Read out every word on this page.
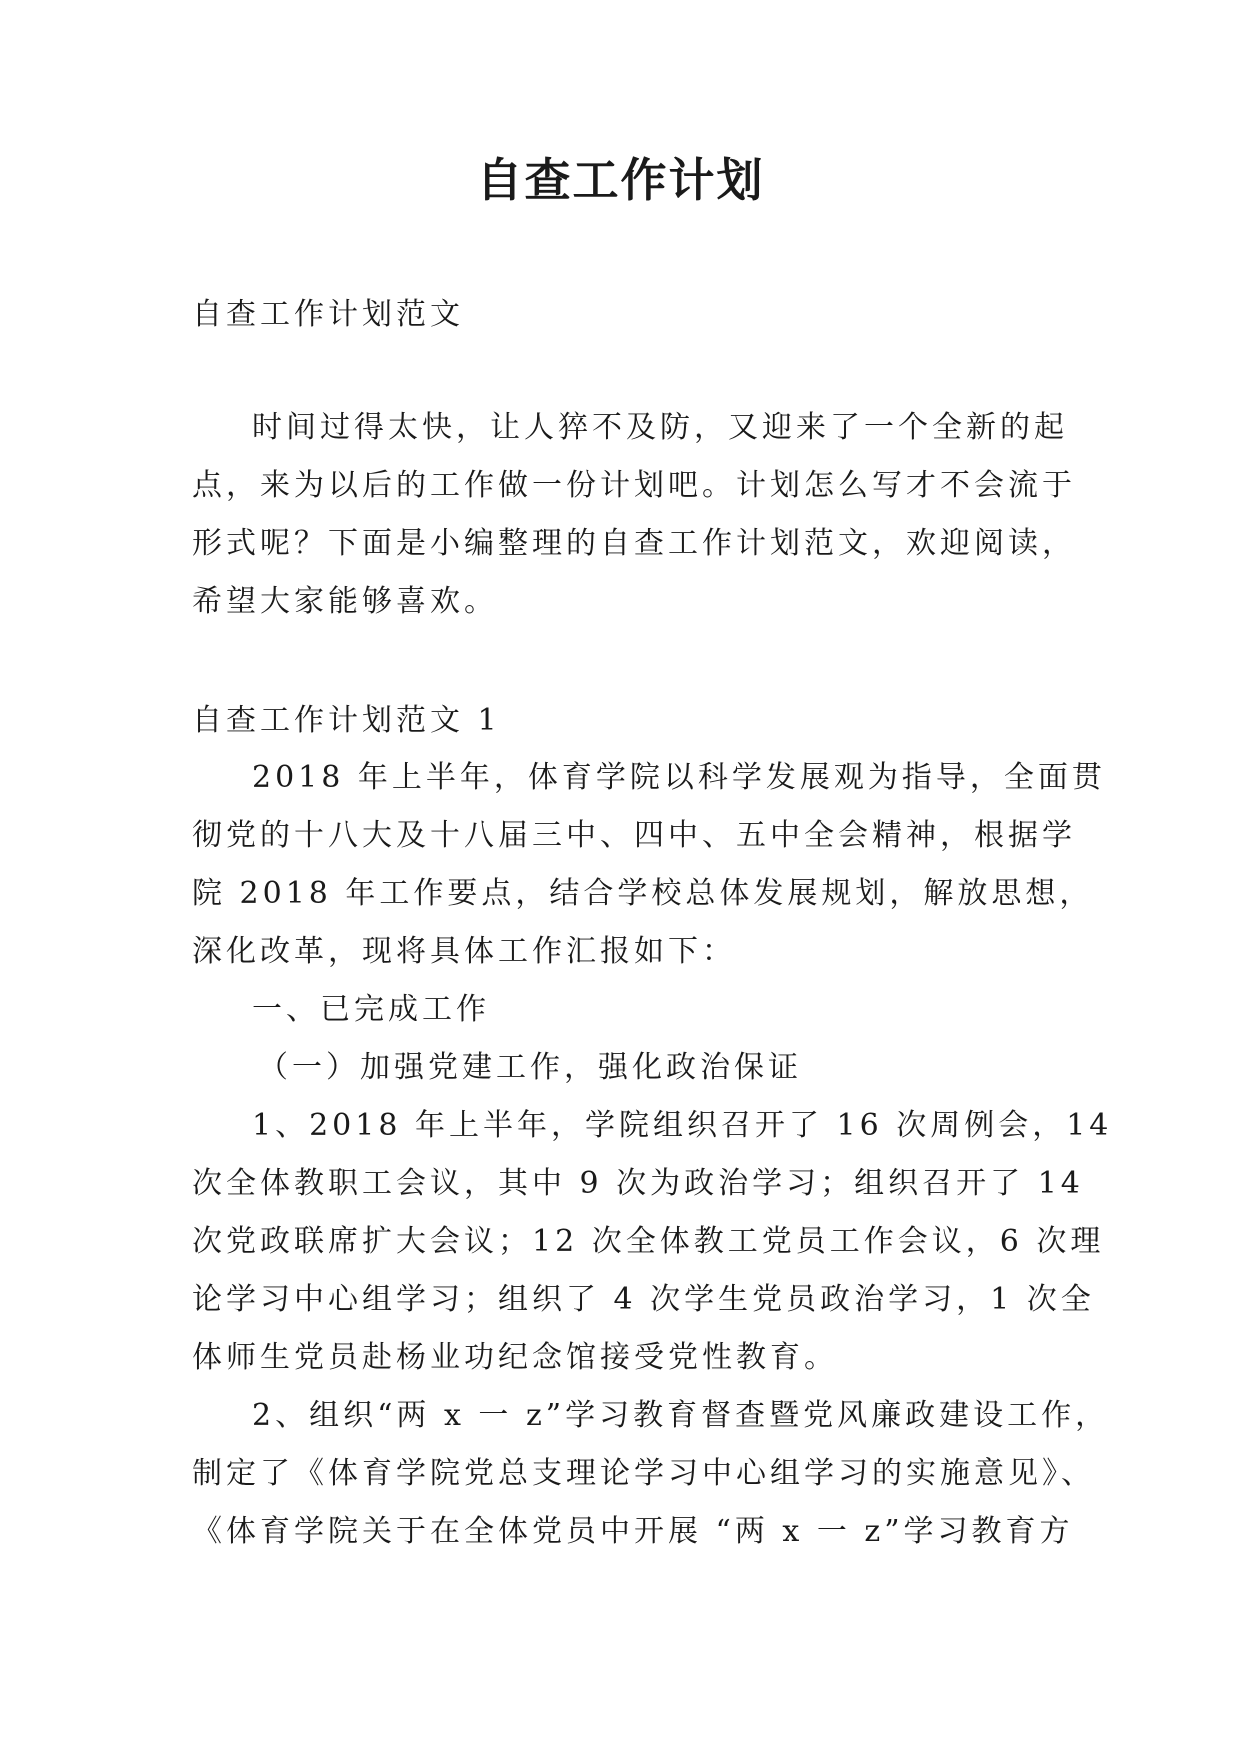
自查工作计划

自查工作计划范文

时间过得太快，让人猝不及防，又迎来了一个全新的起

点，来为以后的工作做一份计划吧。计划怎么写才不会流于

形式呢？下面是小编整理的自查工作计划范文，欢迎阅读，

希望大家能够喜欢。

自查工作计划范文 1

2018 年上半年，体育学院以科学发展观为指导，全面贯

彻党的十八大及十八届三中、四中、五中全会精神，根据学

院 2018 年工作要点，结合学校总体发展规划，解放思想，

深化改革，现将具体工作汇报如下：

一、已完成工作

（一）加强党建工作，强化政治保证

1、2018 年上半年，学院组织召开了 16 次周例会，14

次全体教职工会议，其中 9 次为政治学习；组织召开了 14

次党政联席扩大会议；12 次全体教工党员工作会议，6 次理

论学习中心组学习；组织了 4 次学生党员政治学习，1 次全

体师生党员赴杨业功纪念馆接受党性教育。

2、组织“两 x 一 z”学习教育督查暨党风廉政建设工作，

制定了《体育学院党总支理论学习中心组学习的实施意见》、

《体育学院关于在全体党员中开展 “两 x 一 z”学习教育方
